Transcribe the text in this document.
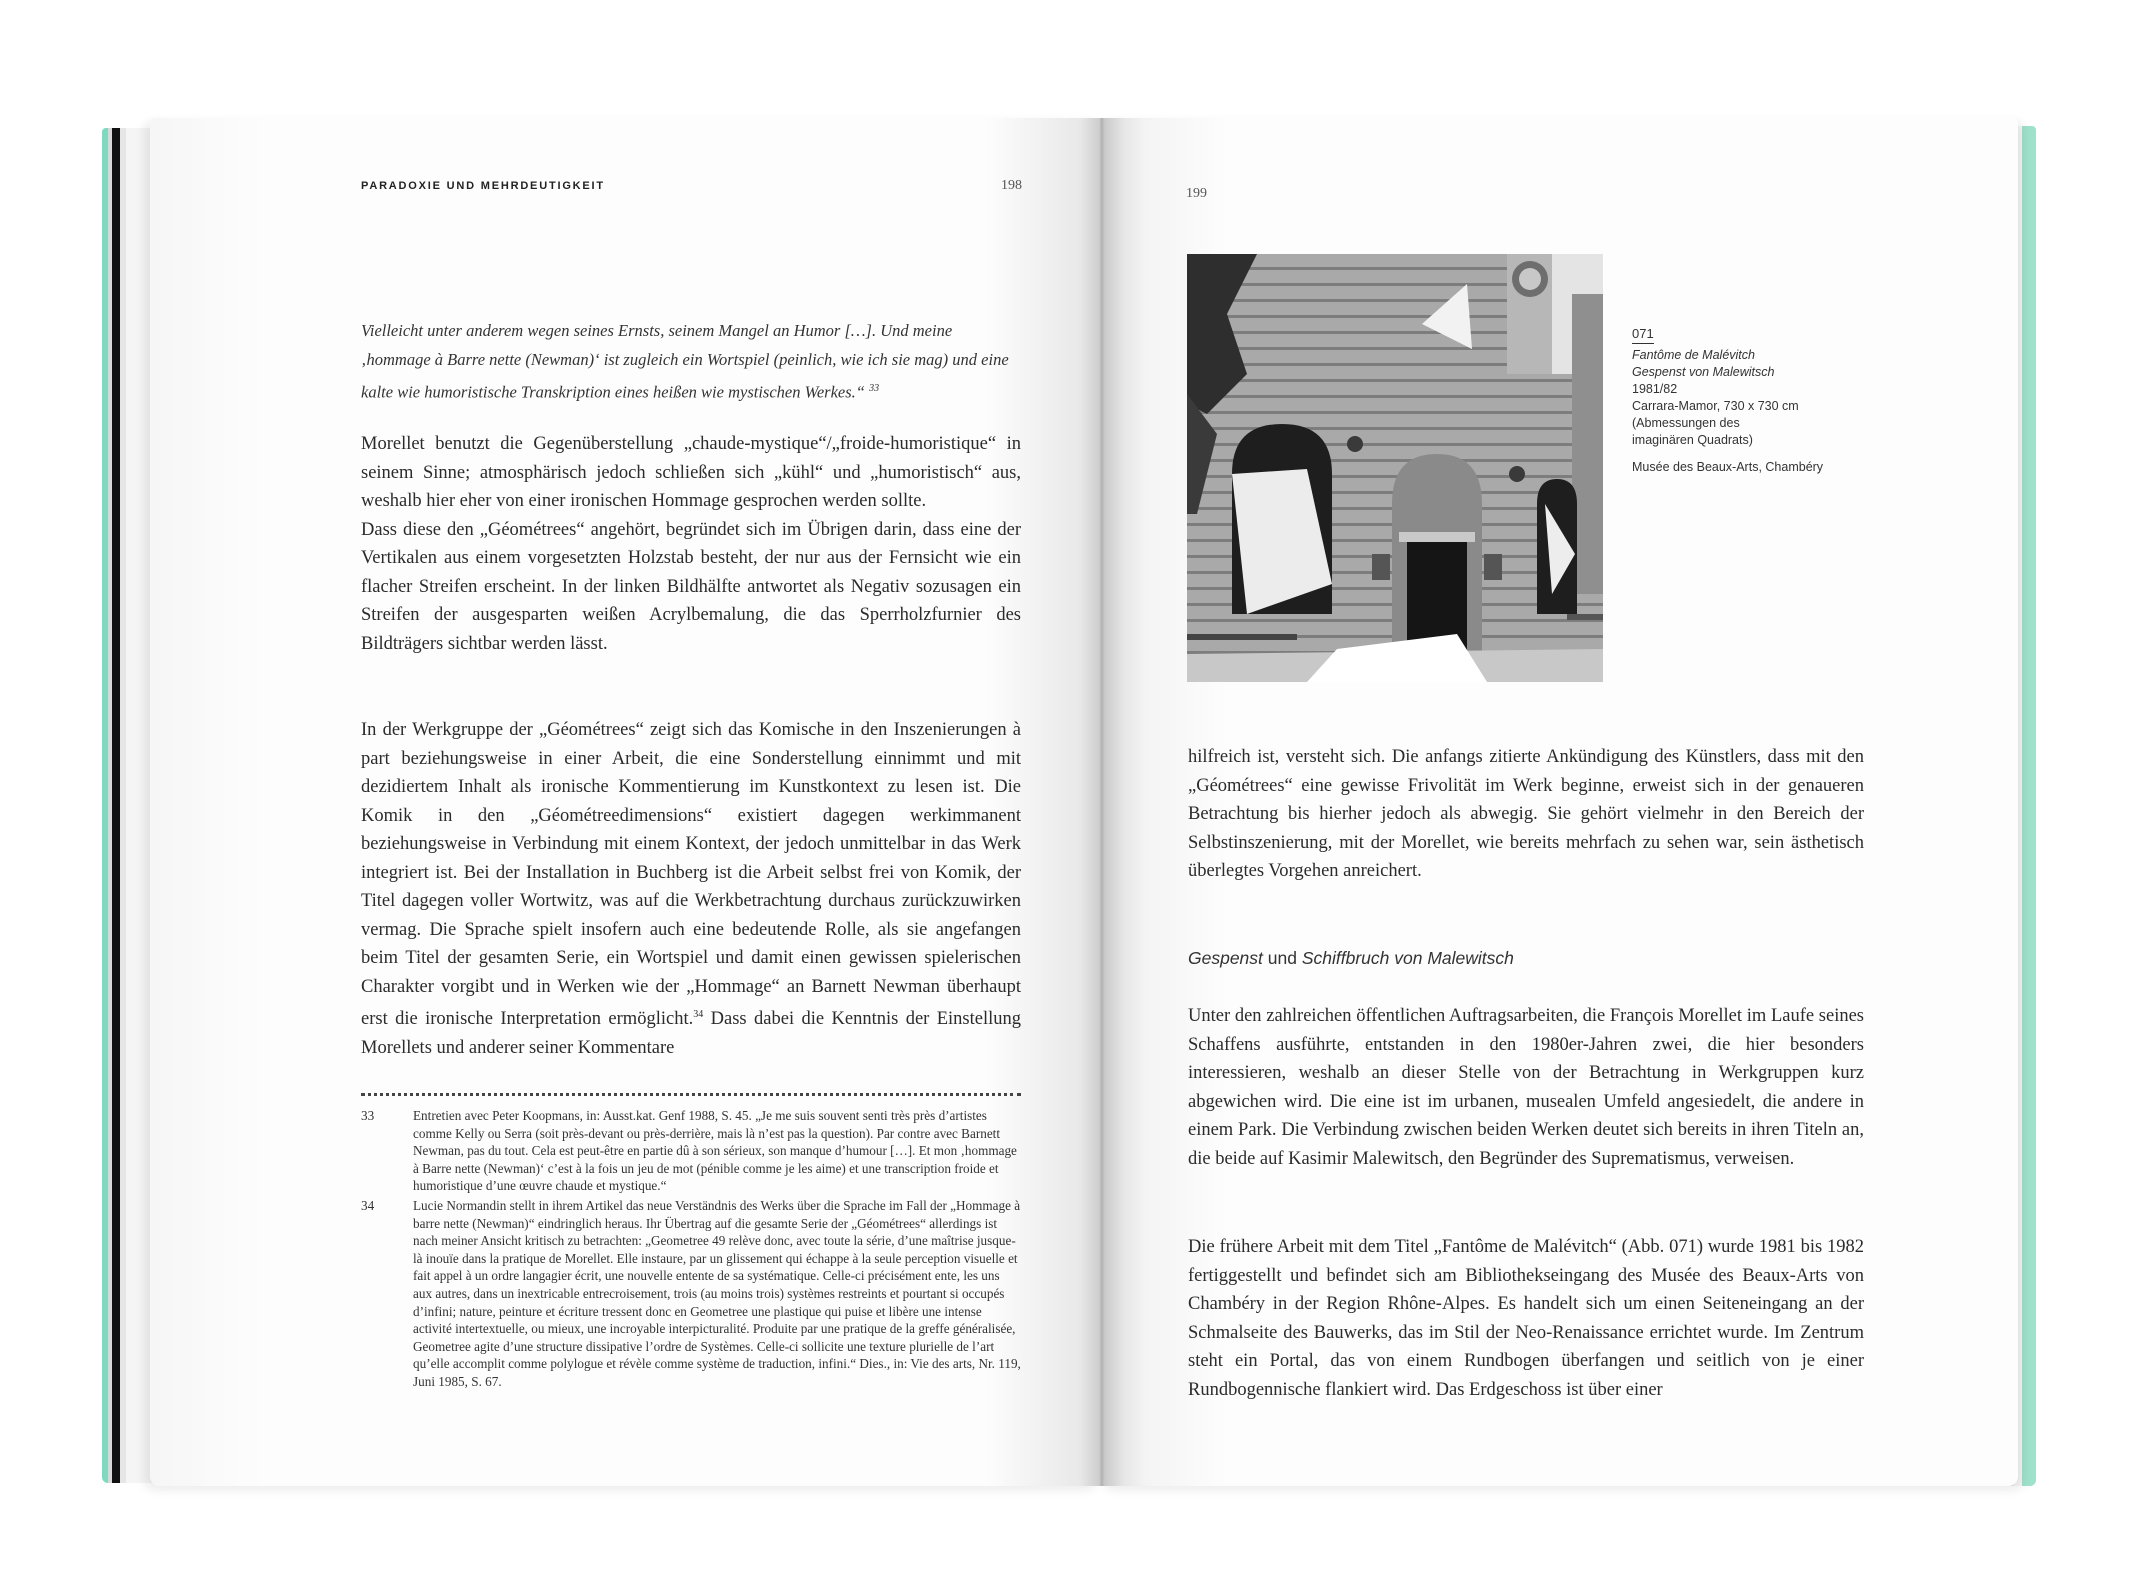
PARADOXIE UND MEHRDEUTIGKEIT	198
Vielleicht unter anderem wegen seines Ernsts, seinem Mangel an Humor […]. Und meine ‚hommage à Barre nette (Newman)‘ ist zugleich ein Wortspiel (peinlich, wie ich sie mag) und eine kalte wie humoristische Transkription eines heißen wie mystischen Werkes.“ $^{33}$

Morellet benutzt die Gegenüberstellung „chaude-mystique“/„froide-humoristique“ in seinem Sinne; atmosphärisch jedoch schließen sich „kühl“ und „humoristisch“ aus, weshalb hier eher von einer ironischen Hommage gesprochen werden sollte.

Dass diese den „Géométrees“ angehört, begründet sich im Übrigen darin, dass eine der Vertikalen aus einem vorgesetzten Holzstab besteht, der nur aus der Fernsicht wie ein flacher Streifen erscheint. In der linken Bildhälfte antwortet als Negativ sozusagen ein Streifen der ausgesparten weißen Acrylbemalung, die das Sperrholzfurnier des Bildträgers sichtbar werden lässt.

In der Werkgruppe der „Géométrees“ zeigt sich das Komische in den Inszenierungen à part beziehungsweise in einer Arbeit, die eine Sonderstellung einnimmt und mit dezidiertem Inhalt als ironische Kommentierung im Kunstkontext zu lesen ist. Die Komik in den „Géométreedimensions“ existiert dagegen werkimmanent beziehungsweise in Verbindung mit einem Kontext, der jedoch unmittelbar in das Werk integriert ist. Bei der Installation in Buchberg ist die Arbeit selbst frei von Komik, der Titel dagegen voller Wortwitz, was auf die Werkbetrachtung durchaus zurückzuwirken vermag. Die Sprache spielt insofern auch eine bedeutende Rolle, als sie angefangen beim Titel der gesamten Serie, ein Wortspiel und damit einen gewissen spielerischen Charakter vorgibt und in Werken wie der „Hommage“ an Barnett Newman überhaupt erst die ironische Interpretation ermöglicht.$^{34}$ Dass dabei die Kenntnis der Einstellung Morellets und anderer seiner Kommentare

33	Entretien avec Peter Koopmans, in: Ausst.kat. Genf 1988, S. 45. „Je me suis souvent senti très près d’artistes comme Kelly ou Serra (soit près-devant ou près-derrière, mais là n’est pas la question). Par contre avec Barnett Newman, pas du tout. Cela est peut-être en partie dû à son sérieux, son manque d’humour […]. Et mon ‚hommage à Barre nette (Newman)‘ c’est à la fois un jeu de mot (pénible comme je les aime) et une transcription froide et humoristique d’une œuvre chaude et mystique.“
34	Lucie Normandin stellt in ihrem Artikel das neue Verständnis des Werks über die Sprache im Fall der „Hommage à barre nette (Newman)“ eindringlich heraus. Ihr Übertrag auf die gesamte Serie der „Géométrees“ allerdings ist nach meiner Ansicht kritisch zu betrachten: „Geometree 49 relève donc, avec toute la série, d’une maîtrise jusque-là inouïe dans la pratique de Morellet. Elle instaure, par un glissement qui échappe à la seule perception visuelle et fait appel à un ordre langagier écrit, une nouvelle entente de sa systématique. Celle-ci précisément ente, les uns aux autres, dans un inextricable entrecroisement, trois (au moins trois) systèmes restreints et pourtant si occupés d’infini; nature, peinture et écriture tressent donc en Geometree une plastique qui puise et libère une intense activité intertextuelle, ou mieux, une incroyable interpicturalité. Produite par une pratique de la greffe généralisée, Geometree agite d’une structure dissipative l’ordre de Systèmes. Celle-ci sollicite une texture plurielle de l’art qu’elle accomplit comme polylogue et révèle comme système de traduction, infini.“ Dies., in: Vie des arts, Nr. 119, Juni 1985, S. 67.
199
071
Fantôme de Malévitch
Gespenst von Malewitsch
1981/82
Carrara-Mamor, 730 x 730 cm
(Abmessungen des
imaginären Quadrats)
Musée des Beaux-Arts, Chambéry

hilfreich ist, versteht sich. Die anfangs zitierte Ankündigung des Künstlers, dass mit den „Géométrees“ eine gewisse Frivolität im Werk beginne, erweist sich in der genaueren Betrachtung bis hierher jedoch als abwegig. Sie gehört vielmehr in den Bereich der Selbstinszenierung, mit der Morellet, wie bereits mehrfach zu sehen war, sein ästhetisch überlegtes Vorgehen anreichert.

Gespenst und Schiffbruch von Malewitsch

Unter den zahlreichen öffentlichen Auftragsarbeiten, die François Morellet im Laufe seines Schaffens ausführte, entstanden in den 1980er-Jahren zwei, die hier besonders interessieren, weshalb an dieser Stelle von der Betrachtung in Werkgruppen kurz abgewichen wird. Die eine ist im urbanen, musealen Umfeld angesiedelt, die andere in einem Park. Die Verbindung zwischen beiden Werken deutet sich bereits in ihren Titeln an, die beide auf Kasimir Malewitsch, den Begründer des Suprematismus, verweisen.

Die frühere Arbeit mit dem Titel „Fantôme de Malévitch“ (Abb. 071) wurde 1981 bis 1982 fertiggestellt und befindet sich am Bibliothekseingang des Musée des Beaux-Arts von Chambéry in der Region Rhône-Alpes. Es handelt sich um einen Seiteneingang an der Schmalseite des Bauwerks, das im Stil der Neo-Renaissance errichtet wurde. Im Zentrum steht ein Portal, das von einem Rundbogen überfangen und seitlich von je einer Rundbogennische flankiert wird. Das Erdgeschoss ist über einer
